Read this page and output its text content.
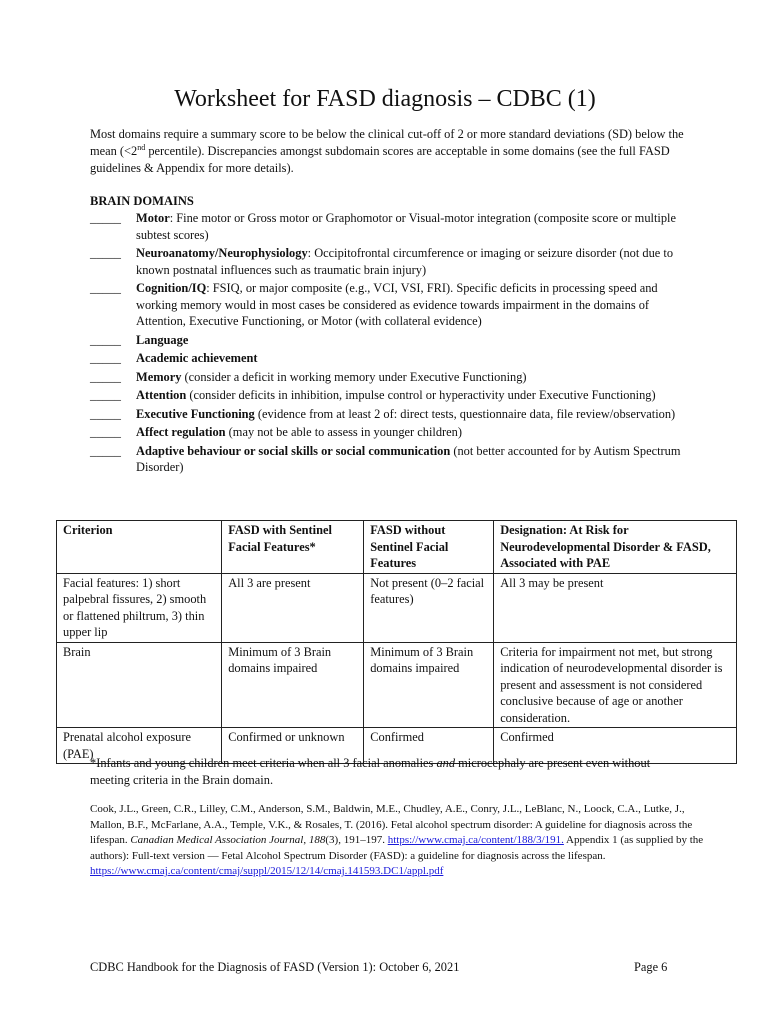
Worksheet for FASD diagnosis – CDBC (1)

Most domains require a summary score to be below the clinical cut-off of 2 or more standard deviations (SD) below the mean (<2nd percentile). Discrepancies amongst subdomain scores are acceptable in some domains (see the full FASD guidelines & Appendix for more details).

BRAIN DOMAINS
_____	Motor: Fine motor or Gross motor or Graphomotor or Visual-motor integration (composite score or multiple subtest scores)
_____	Neuroanatomy/Neurophysiology: Occipitofrontal circumference or imaging or seizure disorder (not due to known postnatal influences such as traumatic brain injury)
_____	Cognition/IQ: FSIQ, or major composite (e.g., VCI, VSI, FRI). Specific deficits in processing speed and working memory would in most cases be considered as evidence towards impairment in the domains of Attention, Executive Functioning, or Motor (with collateral evidence)
_____	Language
_____	Academic achievement
_____	Memory (consider a deficit in working memory under Executive Functioning)
_____	Attention (consider deficits in inhibition, impulse control or hyperactivity under Executive Functioning)
_____	Executive Functioning (evidence from at least 2 of: direct tests, questionnaire data, file review/observation)
_____	Affect regulation (may not be able to assess in younger children)
_____	Adaptive behaviour or social skills or social communication (not better accounted for by Autism Spectrum Disorder)
Criterion	FASD with Sentinel Facial Features*	FASD without Sentinel Facial Features	Designation: At Risk for Neurodevelopmental Disorder & FASD, Associated with PAE
Facial features: 1) short palpebral fissures, 2) smooth or flattened philtrum, 3) thin upper lip	All 3 are present	Not present (0–2 facial features)	All 3 may be present
Brain	Minimum of 3 Brain domains impaired	Minimum of 3 Brain domains impaired	Criteria for impairment not met, but strong indication of neurodevelopmental disorder is present and assessment is not considered conclusive because of age or another consideration.
Prenatal alcohol exposure (PAE)	Confirmed or unknown	Confirmed	Confirmed

*Infants and young children meet criteria when all 3 facial anomalies and microcephaly are present even without meeting criteria in the Brain domain.

Cook, J.L., Green, C.R., Lilley, C.M., Anderson, S.M., Baldwin, M.E., Chudley, A.E., Conry, J.L., LeBlanc, N., Loock, C.A., Lutke, J., Mallon, B.F., McFarlane, A.A., Temple, V.K., & Rosales, T. (2016). Fetal alcohol spectrum disorder: A guideline for diagnosis across the lifespan. Canadian Medical Association Journal, 188(3), 191–197. https://www.cmaj.ca/content/188/3/191. Appendix 1 (as supplied by the authors): Full-text version — Fetal Alcohol Spectrum Disorder (FASD): a guideline for diagnosis across the lifespan. https://www.cmaj.ca/content/cmaj/suppl/2015/12/14/cmaj.141593.DC1/appl.pdf

CDBC Handbook for the Diagnosis of FASD (Version 1): October 6, 2021	Page 6
